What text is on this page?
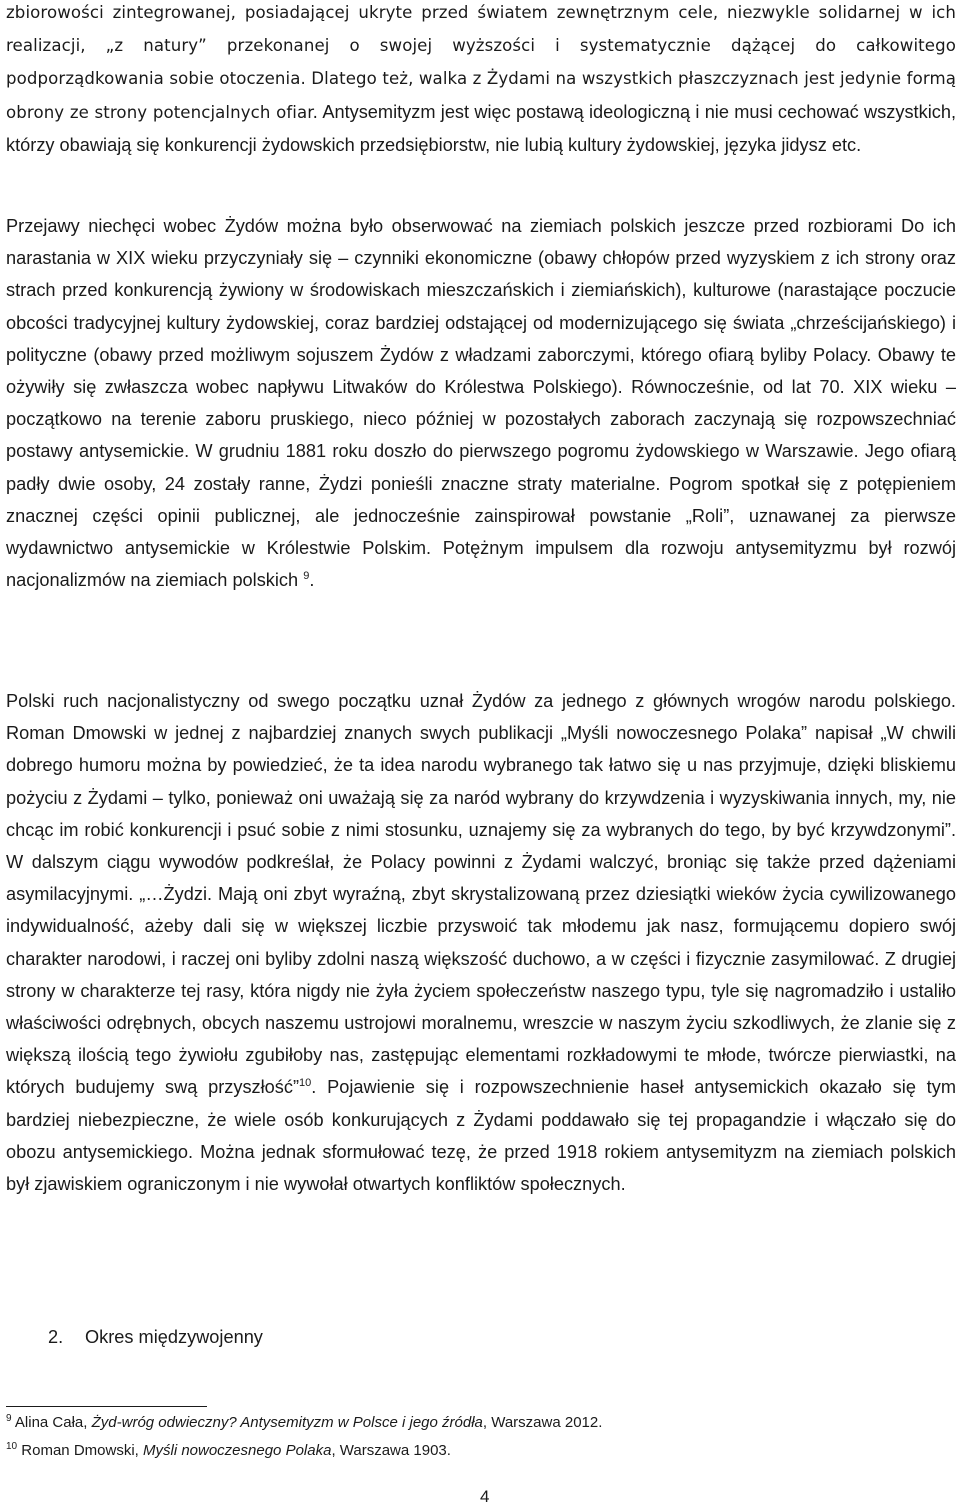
zbiorowości zintegrowanej, posiadającej ukryte przed światem zewnętrznym cele, niezwykle solidarnej w ich realizacji, „z natury” przekonanej o swojej wyższości i systematycznie dążącej do całkowitego podporządkowania sobie otoczenia. Dlatego też, walka z Żydami na wszystkich płaszczyznach jest jedynie formą obrony ze strony potencjalnych ofiar. Antysemityzm jest więc postawą ideologiczną i nie musi cechować wszystkich, którzy obawiają się konkurencji żydowskich przedsiębiorstw, nie lubią kultury żydowskiej, języka jidysz etc.

Przejawy niechęci wobec Żydów można było obserwować na ziemiach polskich jeszcze przed rozbiorami Do ich narastania w XIX wieku przyczyniały się – czynniki ekonomiczne (obawy chłopów przed wyzyskiem z ich strony oraz strach przed konkurencją żywiony w środowiskach mieszczańskich i ziemiańskich), kulturowe (narastające poczucie obcości tradycyjnej kultury żydowskiej, coraz bardziej odstającej od modernizującego się świata „chrześcijańskiego) i polityczne (obawy przed możliwym sojuszem Żydów z władzami zaborczymi, którego ofiarą byliby Polacy. Obawy te ożywiły się zwłaszcza wobec napływu Litwaków do Królestwa Polskiego). Równocześnie, od lat 70. XIX wieku – początkowo na terenie zaboru pruskiego, nieco później w pozostałych zaborach zaczynają się rozpowszechniać postawy antysemickie. W grudniu 1881 roku doszło do pierwszego pogromu żydowskiego w Warszawie. Jego ofiarą padły dwie osoby, 24 zostały ranne, Żydzi ponieśli znaczne straty materialne. Pogrom spotkał się z potępieniem znacznej części opinii publicznej, ale jednocześnie zainspirował powstanie „Roli”, uznawanej za pierwsze wydawnictwo antysemickie w Królestwie Polskim. Potężnym impulsem dla rozwoju antysemityzmu był rozwój nacjonalizmów na ziemiach polskich $^9$.

Polski ruch nacjonalistyczny od swego początku uznał Żydów za jednego z głównych wrogów narodu polskiego. Roman Dmowski w jednej z najbardziej znanych swych publikacji „Myśli nowoczesnego Polaka” napisał „W chwili dobrego humoru można by powiedzieć, że ta idea narodu wybranego tak łatwo się u nas przyjmuje, dzięki bliskiemu pożyciu z Żydami – tylko, ponieważ oni uważają się za naród wybrany do krzywdzenia i wyzyskiwania innych, my, nie chcąc im robić konkurencji i psuć sobie z nimi stosunku, uznajemy się za wybranych do tego, by być krzywdzonymi”. W dalszym ciągu wywodów podkreślał, że Polacy powinni z Żydami walczyć, broniąc się także przed dążeniami asymilacyjnymi. „…Żydzi. Mają oni zbyt wyraźną, zbyt skrystalizowaną przez dziesiątki wieków życia cywilizowanego indywidualność, ażeby dali się w większej liczbie przyswoić tak młodemu jak nasz, formującemu dopiero swój charakter narodowi, i raczej oni byliby zdolni naszą większość duchowo, a w części i fizycznie zasymilować. Z drugiej strony w charakterze tej rasy, która nigdy nie żyła życiem społeczeństw naszego typu, tyle się nagromadziło i ustaliło właściwości odrębnych, obcych naszemu ustrojowi moralnemu, wreszcie w naszym życiu szkodliwych, że zlanie się z większą ilością tego żywiołu zgubiłoby nas, zastępując elementami rozkładowymi te młode, twórcze pierwiastki, na których budujemy swą przyszłość”$^{10}$. Pojawienie się i rozpowszechnienie haseł antysemickich okazało się tym bardziej niebezpieczne, że wiele osób konkurujących z Żydami poddawało się tej propagandzie i włączało się do obozu antysemickiego. Można jednak sformułować tezę, że przed 1918 rokiem antysemityzm na ziemiach polskich był zjawiskiem ograniczonym i nie wywołał otwartych konfliktów społecznych.

2. Okres międzywojenny
$^9$ Alina Cała, Żyd-wróg odwieczny? Antysemityzm w Polsce i jego źródła, Warszawa 2012.
$^{10}$ Roman Dmowski, Myśli nowoczesnego Polaka, Warszawa 1903.
4
